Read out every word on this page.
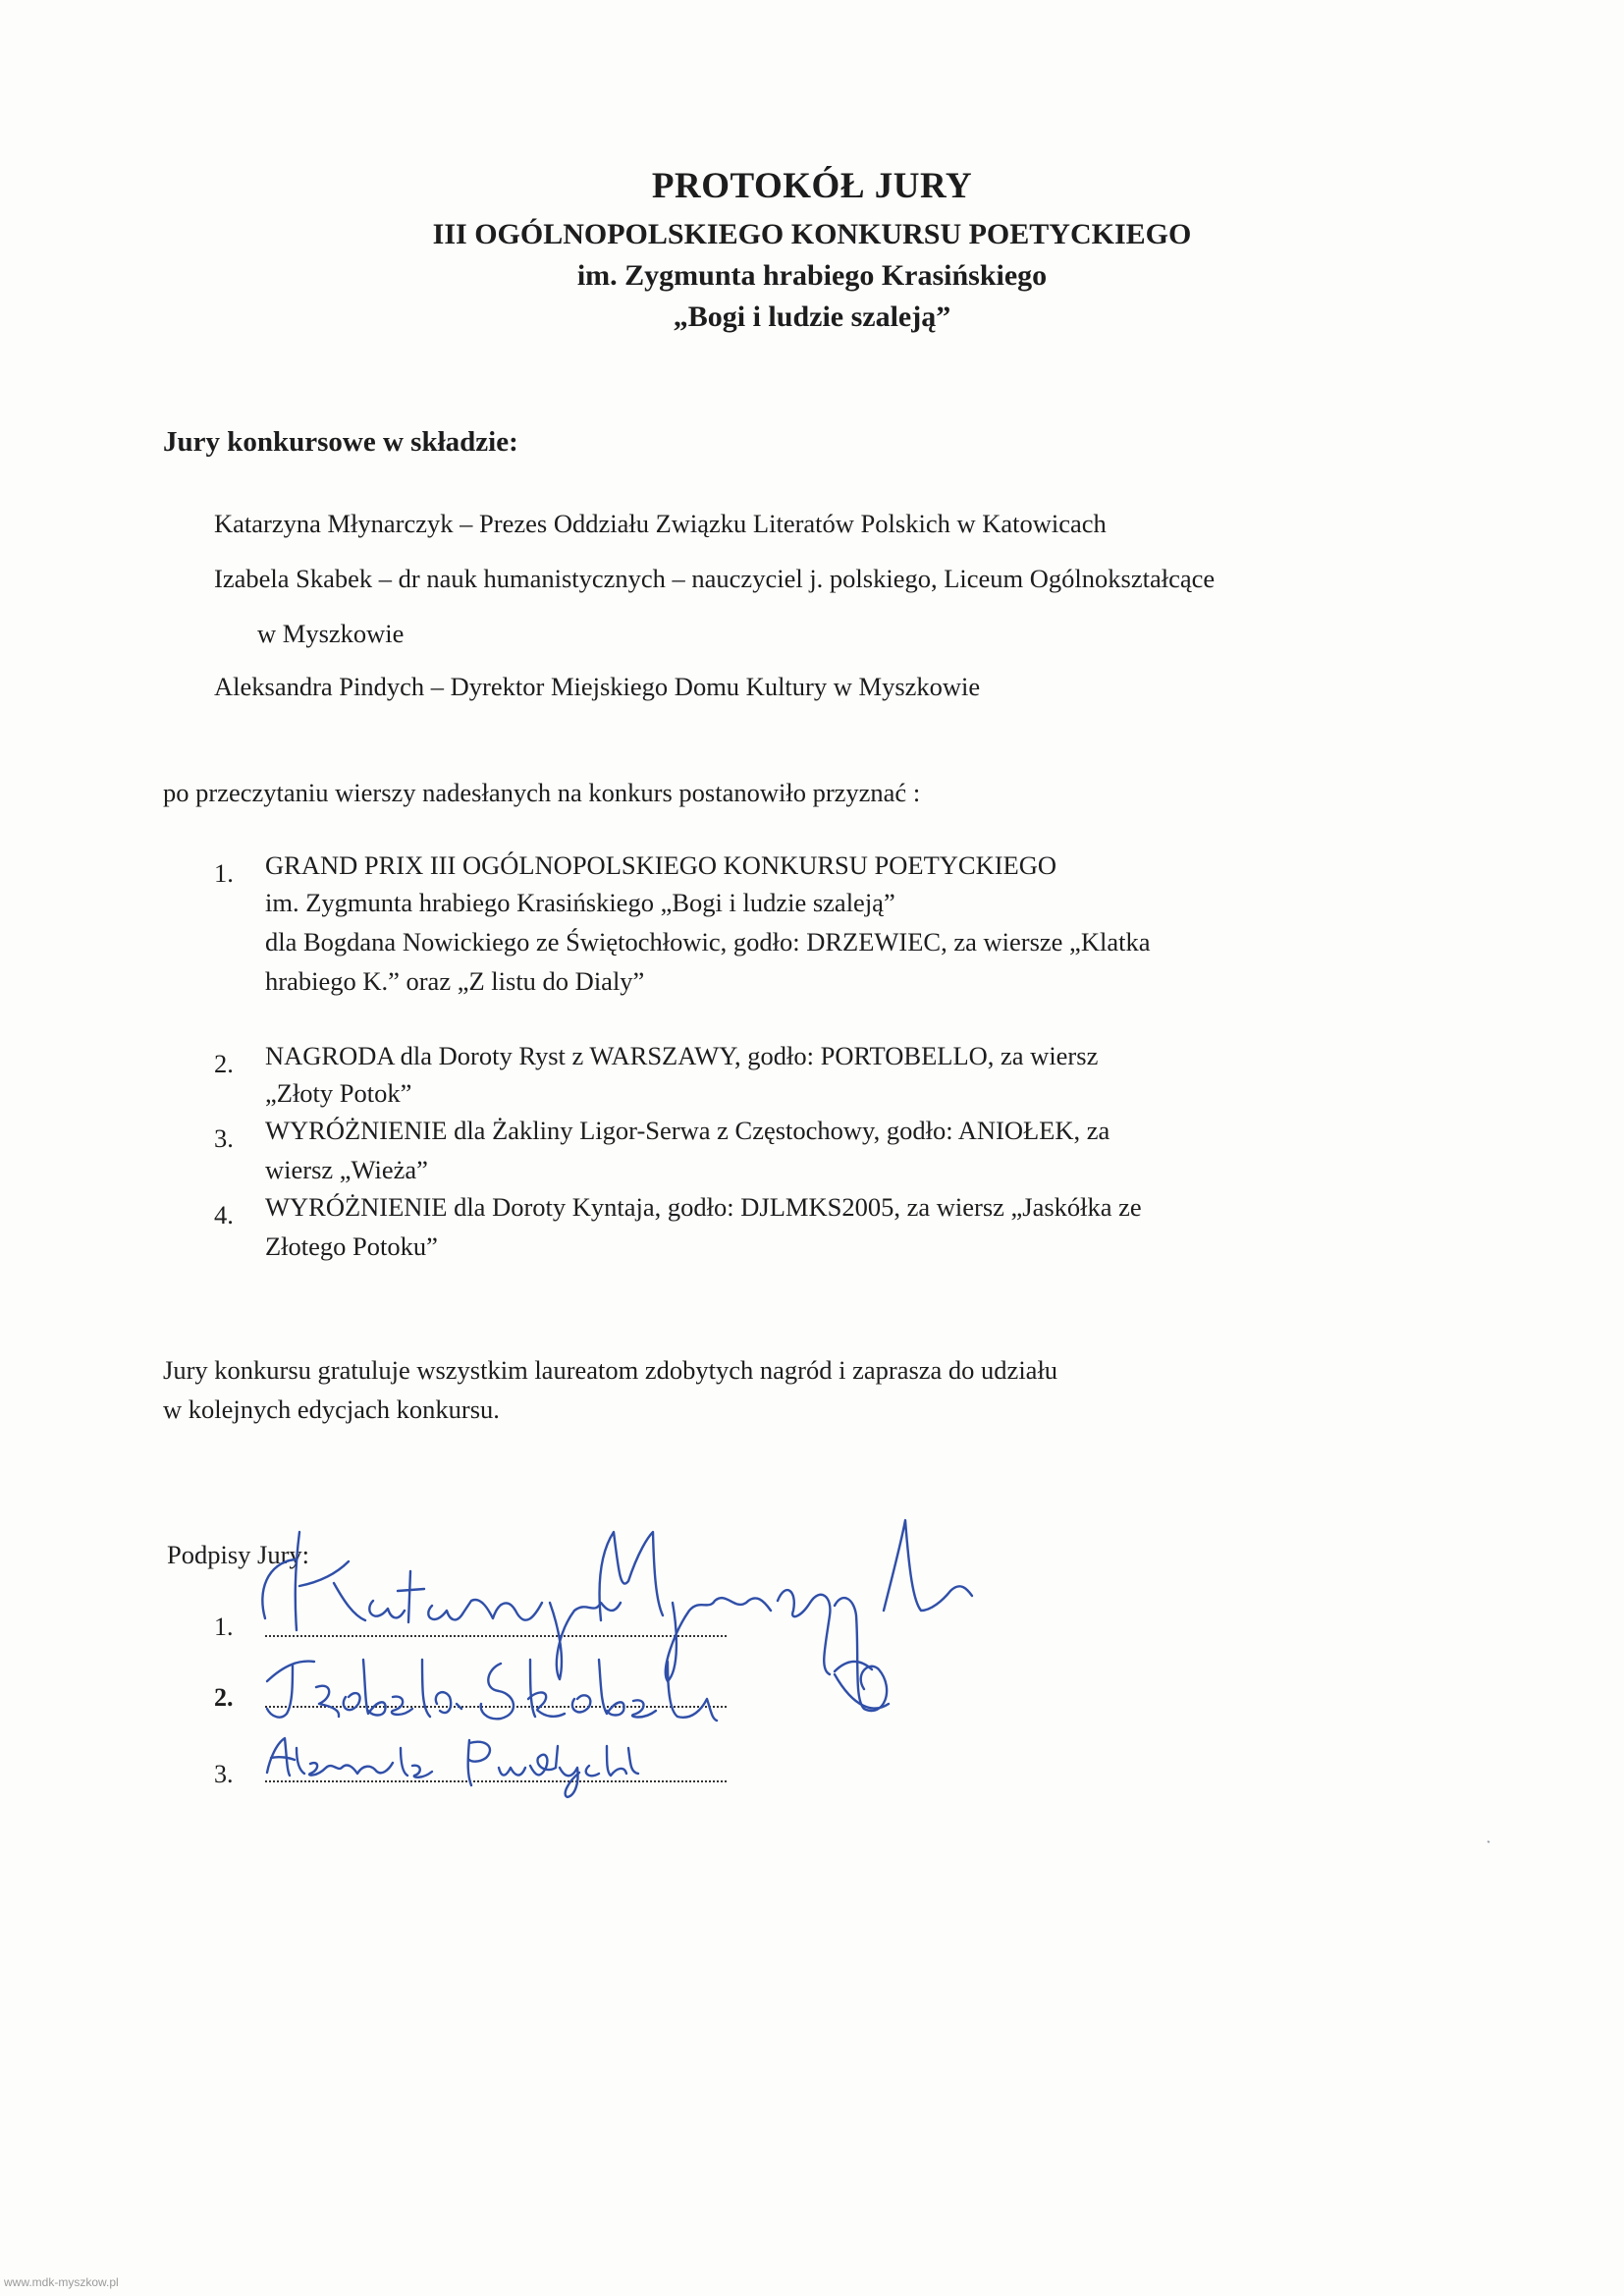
PROTOKÓŁ JURY
III OGÓLNOPOLSKIEGO KONKURSU POETYCKIEGO
im. Zygmunta hrabiego Krasińskiego
„Bogi i ludzie szaleją”
Jury konkursowe w składzie:
Katarzyna Młynarczyk – Prezes Oddziału Związku Literatów Polskich w Katowicach
Izabela Skabek – dr nauk humanistycznych – nauczyciel j. polskiego, Liceum Ogólnokształcące
w Myszkowie
Aleksandra Pindych – Dyrektor Miejskiego Domu Kultury w Myszkowie
po przeczytaniu wierszy nadesłanych na konkurs postanowiło przyznać :
1. GRAND PRIX III OGÓLNOPOLSKIEGO KONKURSU POETYCKIEGO
im. Zygmunta hrabiego Krasińskiego „Bogi i ludzie szaleją”
dla Bogdana Nowickiego ze Świętochłowic, godło: DRZEWIEC, za wiersze „Klatka
hrabiego K.” oraz „Z listu do Dialy”
2. NAGRODA dla Doroty Ryst z WARSZAWY, godło: PORTOBELLO, za wiersz
„Złoty Potok”
3. WYRÓŻNIENIE dla Żakliny Ligor-Serwa z Częstochowy, godło: ANIOŁEK, za
wiersz „Wieża”
4. WYRÓŻNIENIE dla Doroty Kyntaja, godło: DJLMKS2005, za wiersz „Jaskółka ze
Złotego Potoku”
Jury konkursu gratuluje wszystkim laureatom zdobytych nagród i zaprasza do udziału
w kolejnych edycjach konkursu.
Podpisy Jury:
1.
2.
3.
www.mdk-myszkow.pl
